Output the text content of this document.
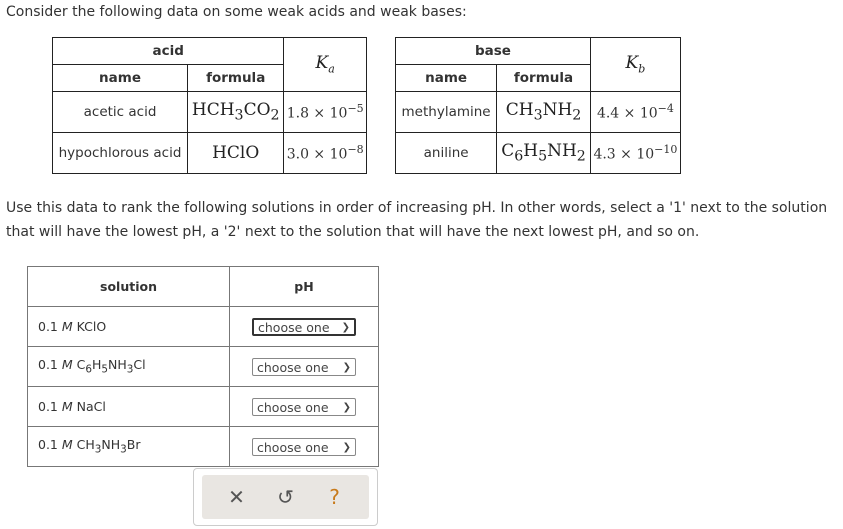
Consider the following data on some weak acids and weak bases:
acid		$K_a$
name	formula	
acetic acid	$HCH_3CO_2$	$1.8 \times 10^{-5}$
hypochlorous acid	HClO	$3.0 \times 10^{-8}$
base		$K_b$
name	formula	
methylamine	$CH_3NH_2$	$4.4 \times 10^{-4}$
aniline	$C_6H_5NH_2$	$4.3 \times 10^{-10}$
Use this data to rank the following solutions in order of increasing pH. In other words, select a '1' next to the solution that will have the lowest pH, a '2' next to the solution that will have the next lowest pH, and so on.
solution	pH
0.1 M KClO	choose one ❯

0.1 M $C_6H_5NH_3Cl$	choose one ❯

0.1 M NaCl	choose one ❯

0.1 M $CH_3NH_3Br$	choose one ❯
✕ ↺	?
